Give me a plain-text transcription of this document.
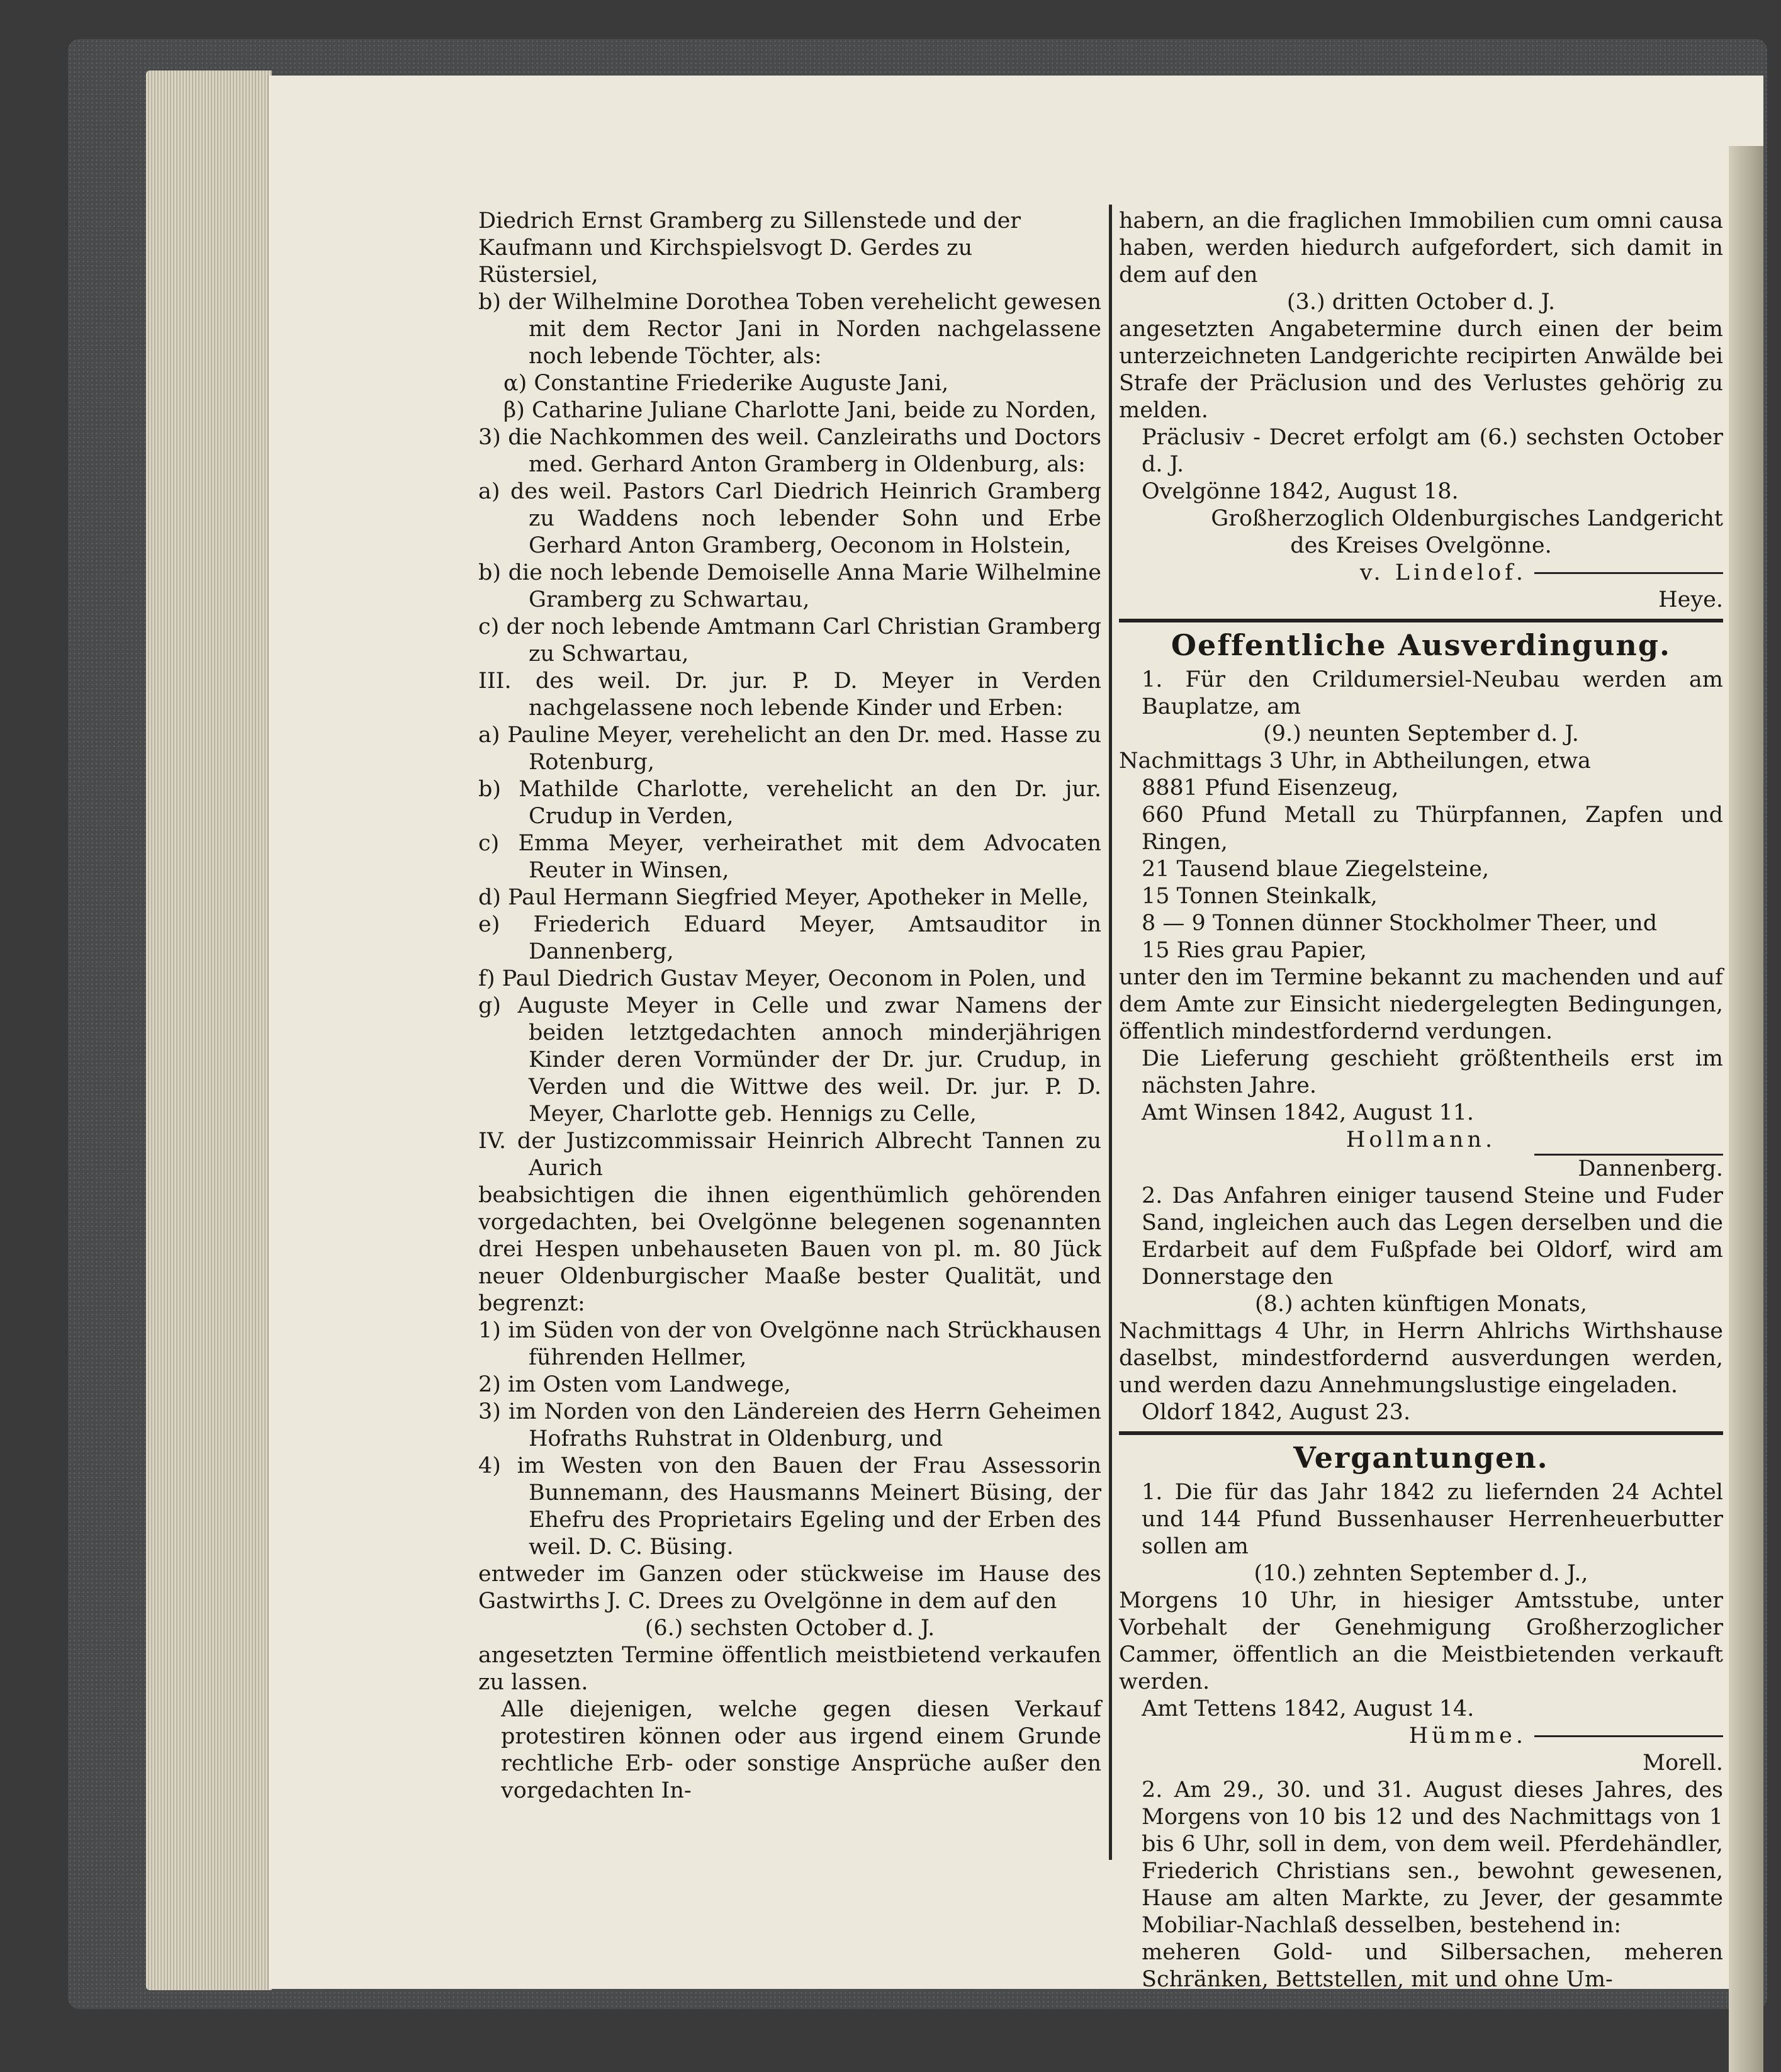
Diedrich Ernst Gramberg zu Sillenstede und der

Kaufmann und Kirchspielsvogt D. Gerdes zu

Rüstersiel,

b) der Wilhelmine Dorothea Toben verehelicht gewesen mit dem Rector Jani in Norden nachgelassene noch lebende Töchter, als:

α) Constantine Friederike Auguste Jani,

β) Catharine Juliane Charlotte Jani, beide zu Norden,

3) die Nachkommen des weil. Canzleiraths und Doctors med. Gerhard Anton Gramberg in Oldenburg, als:

a) des weil. Pastors Carl Diedrich Heinrich Gramberg zu Waddens noch lebender Sohn und Erbe Gerhard Anton Gramberg, Oeconom in Holstein,

b) die noch lebende Demoiselle Anna Marie Wilhelmine Gramberg zu Schwartau,

c) der noch lebende Amtmann Carl Christian Gramberg zu Schwartau,

III. des weil. Dr. jur. P. D. Meyer in Verden nachgelassene noch lebende Kinder und Erben:

a) Pauline Meyer, verehelicht an den Dr. med. Hasse zu Rotenburg,

b) Mathilde Charlotte, verehelicht an den Dr. jur. Crudup in Verden,

c) Emma Meyer, verheirathet mit dem Advocaten Reuter in Winsen,

d) Paul Hermann Siegfried Meyer, Apotheker in Melle,

e) Friederich Eduard Meyer, Amtsauditor in Dannenberg,

f) Paul Diedrich Gustav Meyer, Oeconom in Polen, und

g) Auguste Meyer in Celle und zwar Namens der beiden letztgedachten annoch minderjährigen Kinder deren Vormünder der Dr. jur. Crudup, in Verden und die Wittwe des weil. Dr. jur. P. D. Meyer, Charlotte geb. Hennigs zu Celle,

IV. der Justizcommissair Heinrich Albrecht Tannen zu Aurich

beabsichtigen die ihnen eigenthümlich gehörenden vorgedachten, bei Ovelgönne belegenen sogenannten drei Hespen unbehauseten Bauen von pl. m. 80 Jück neuer Oldenburgischer Maaße bester Qualität, und begrenzt:

1) im Süden von der von Ovelgönne nach Strückhausen führenden Hellmer,

2) im Osten vom Landwege,

3) im Norden von den Ländereien des Herrn Geheimen Hofraths Ruhstrat in Oldenburg, und

4) im Westen von den Bauen der Frau Assessorin Bunnemann, des Hausmanns Meinert Büsing, der Ehefru des Proprietairs Egeling und der Erben des weil. D. C. Büsing.

entweder im Ganzen oder stückweise im Hause des Gastwirths J. C. Drees zu Ovelgönne in dem auf den

(6.) sechsten October d. J.

angesetzten Termine öffentlich meistbietend verkaufen zu lassen.

Alle diejenigen, welche gegen diesen Verkauf protestiren können oder aus irgend einem Grunde rechtliche Erb- oder sonstige Ansprüche außer den vorgedachten In-

habern, an die fraglichen Immobilien cum omni causa haben, werden hiedurch aufgefordert, sich damit in dem auf den

(3.) dritten October d. J.

angesetzten Angabetermine durch einen der beim unterzeichneten Landgerichte recipirten Anwälde bei Strafe der Präclusion und des Verlustes gehörig zu melden.

Präclusiv - Decret erfolgt am (6.) sechsten October d. J.

Ovelgönne 1842, August 18.

Großherzoglich Oldenburgisches Landgericht

des Kreises Ovelgönne.

v. Lindelof.

Heye.

Oeffentliche Ausverdingung.

1. Für den Crildumersiel-Neubau werden am Bauplatze, am

(9.) neunten September d. J.

Nachmittags 3 Uhr, in Abtheilungen, etwa

8881 Pfund Eisenzeug,

660 Pfund Metall zu Thürpfannen, Zapfen und Ringen,

21 Tausend blaue Ziegelsteine,

15 Tonnen Steinkalk,

8 — 9 Tonnen dünner Stockholmer Theer, und

15 Ries grau Papier,

unter den im Termine bekannt zu machenden und auf dem Amte zur Einsicht niedergelegten Bedingungen, öffentlich mindestfordernd verdungen.

Die Lieferung geschieht größtentheils erst im nächsten Jahre.

Amt Winsen 1842, August 11.

Hollmann.

Dannenberg.

2. Das Anfahren einiger tausend Steine und Fuder Sand, ingleichen auch das Legen derselben und die Erdarbeit auf dem Fußpfade bei Oldorf, wird am Donnerstage den

(8.) achten künftigen Monats,

Nachmittags 4 Uhr, in Herrn Ahlrichs Wirthshause daselbst, mindestfordernd ausverdungen werden, und werden dazu Annehmungslustige eingeladen.

Oldorf 1842, August 23.

Vergantungen.

1. Die für das Jahr 1842 zu liefernden 24 Achtel und 144 Pfund Bussenhauser Herrenheuerbutter sollen am

(10.) zehnten September d. J.,

Morgens 10 Uhr, in hiesiger Amtsstube, unter Vorbehalt der Genehmigung Großherzoglicher Cammer, öffentlich an die Meistbietenden verkauft werden.

Amt Tettens 1842, August 14.

Hümme.

Morell.

2. Am 29., 30. und 31. August dieses Jahres, des Morgens von 10 bis 12 und des Nachmittags von 1 bis 6 Uhr, soll in dem, von dem weil. Pferdehändler, Friederich Christians sen., bewohnt gewesenen, Hause am alten Markte, zu Jever, der gesammte Mobiliar-Nachlaß desselben, bestehend in:

meheren Gold- und Silbersachen, meheren Schränken, Bettstellen, mit und ohne Um-
